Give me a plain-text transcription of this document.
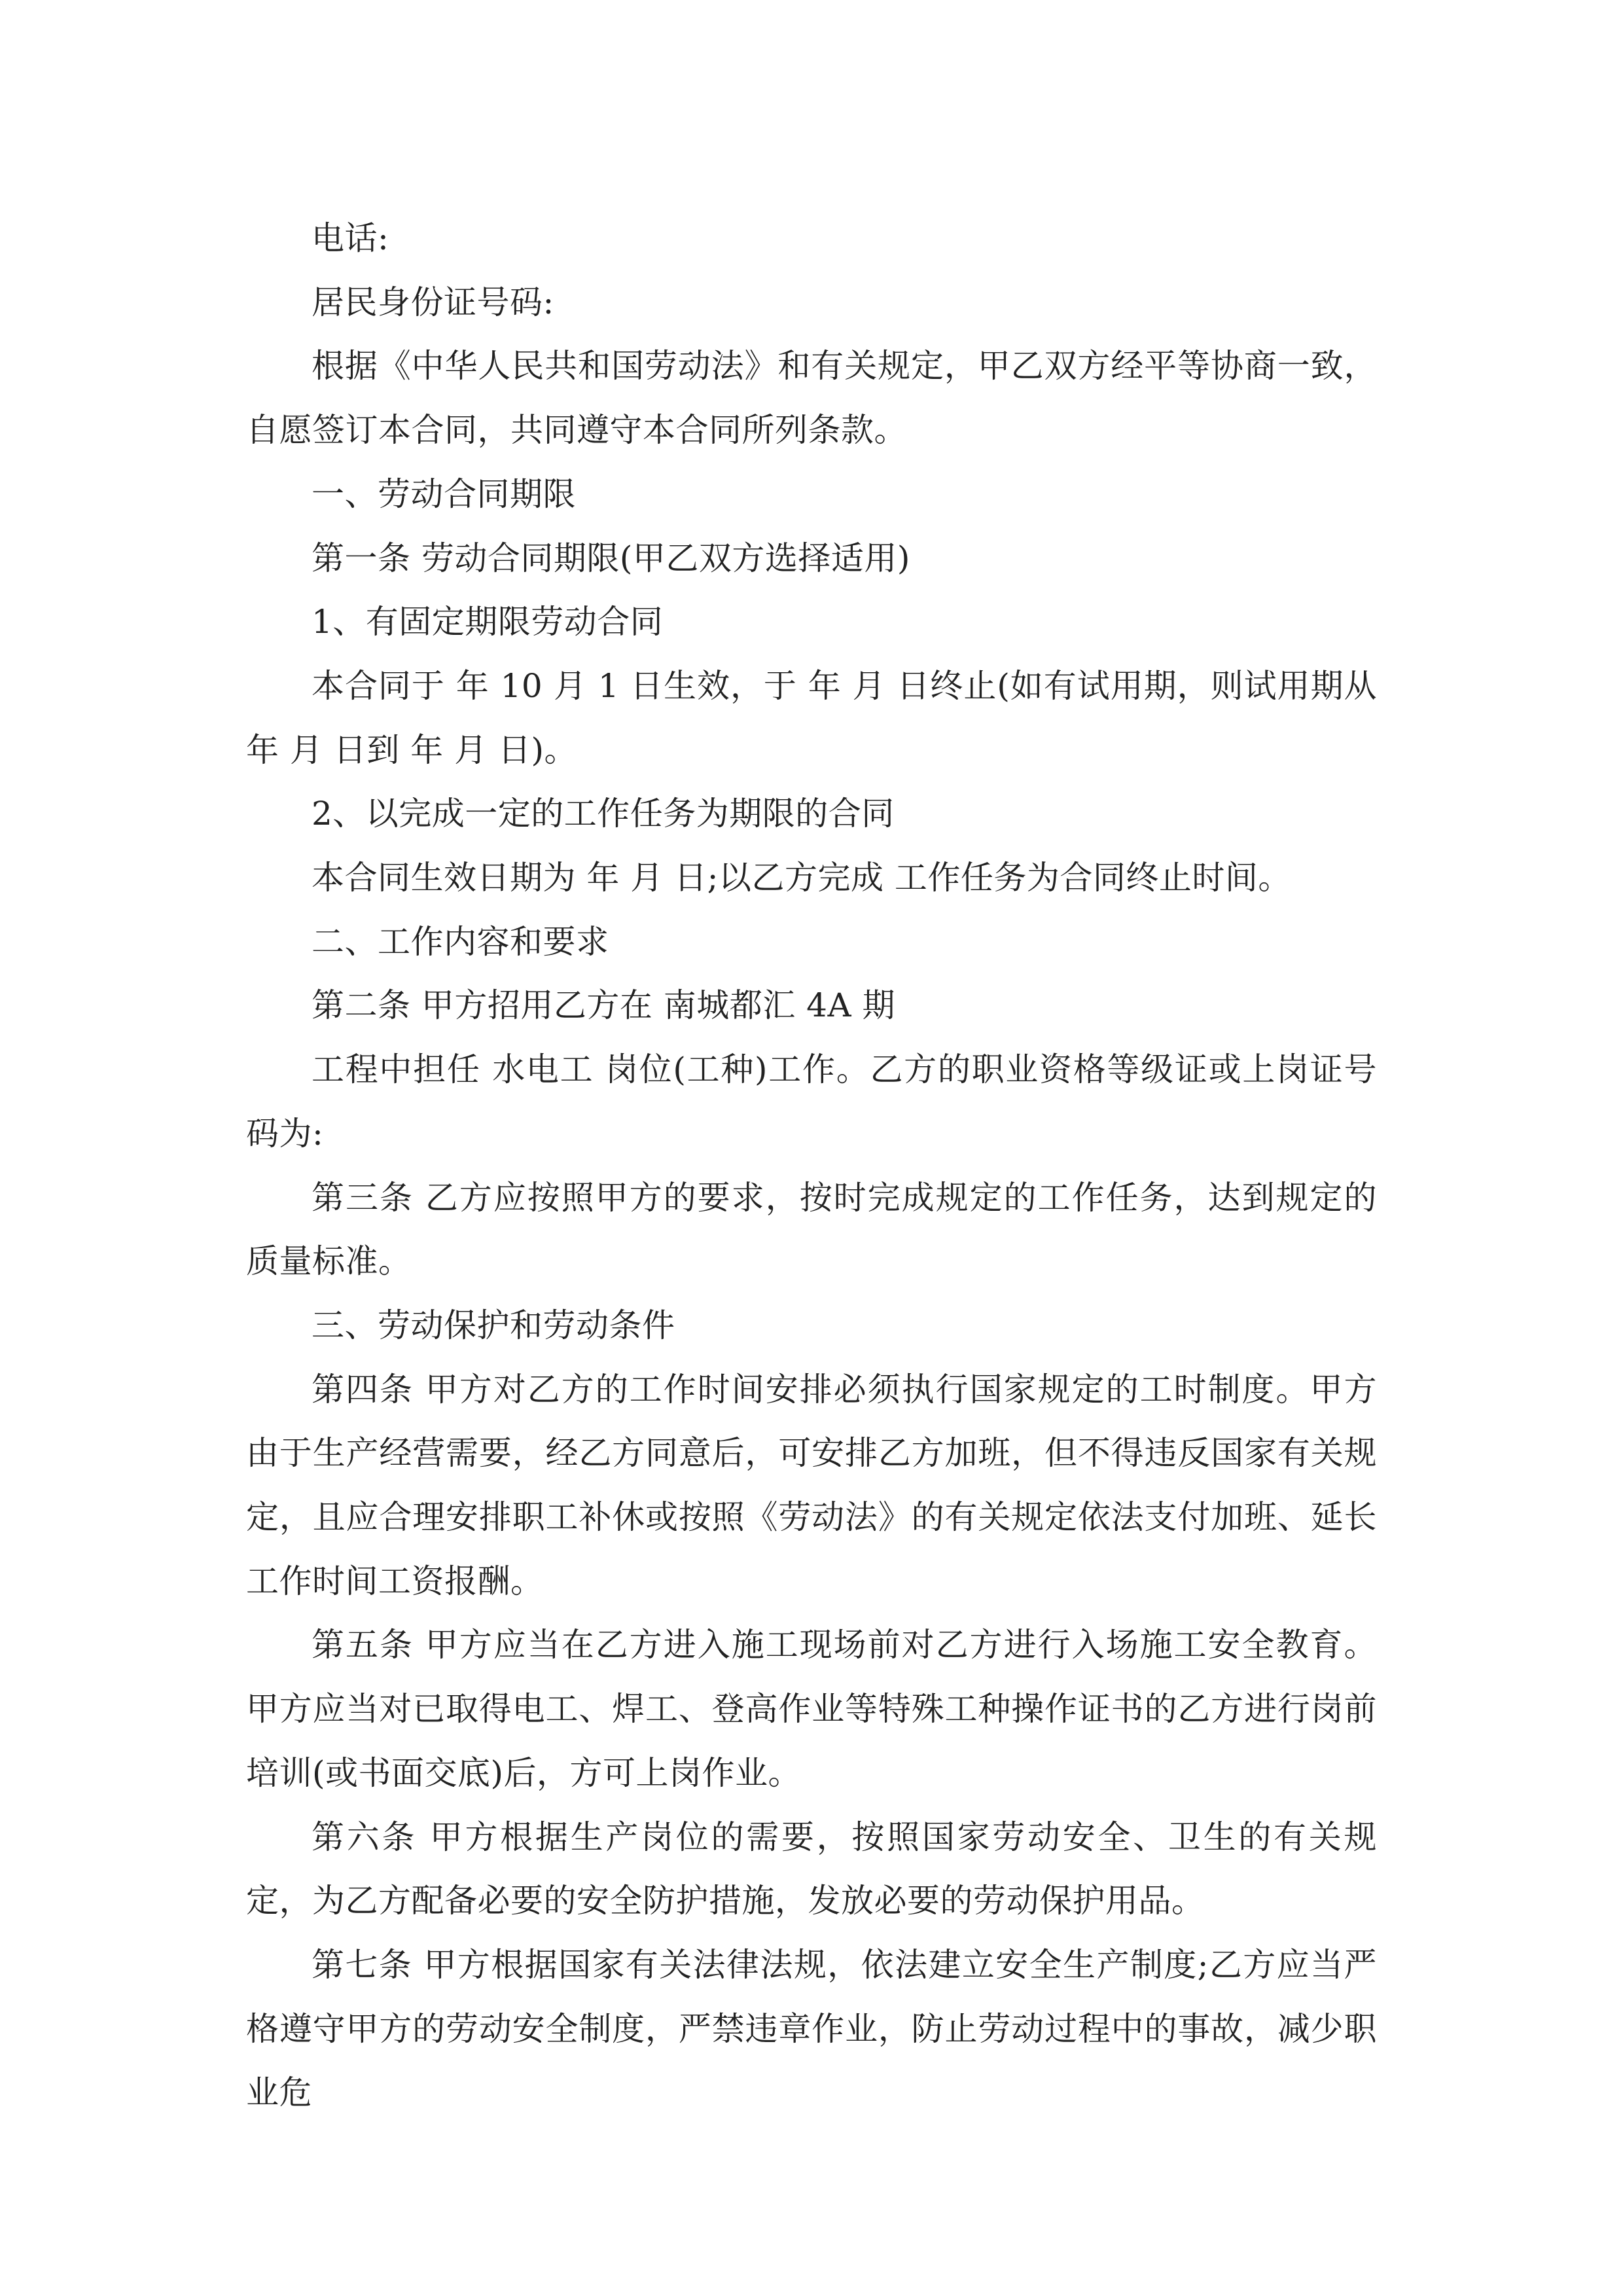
电话:

居民身份证号码:

根据《中华人民共和国劳动法》和有关规定，甲乙双方经平等协商一致，自愿签订本合同，共同遵守本合同所列条款。

一、劳动合同期限

第一条 劳动合同期限(甲乙双方选择适用)

1、有固定期限劳动合同

本合同于 年 10 月 1 日生效，于 年 月 日终止(如有试用期，则试用期从 年 月 日到 年 月 日)。

2、以完成一定的工作任务为期限的合同

本合同生效日期为 年 月 日;以乙方完成 工作任务为合同终止时间。

二、工作内容和要求

第二条 甲方招用乙方在 南城都汇 4A 期

工程中担任 水电工 岗位(工种)工作。乙方的职业资格等级证或上岗证号码为:

第三条 乙方应按照甲方的要求，按时完成规定的工作任务，达到规定的质量标准。

三、劳动保护和劳动条件

第四条 甲方对乙方的工作时间安排必须执行国家规定的工时制度。甲方由于生产经营需要，经乙方同意后，可安排乙方加班，但不得违反国家有关规定，且应合理安排职工补休或按照《劳动法》的有关规定依法支付加班、延长工作时间工资报酬。

第五条 甲方应当在乙方进入施工现场前对乙方进行入场施工安全教育。甲方应当对已取得电工、焊工、登高作业等特殊工种操作证书的乙方进行岗前培训(或书面交底)后，方可上岗作业。

第六条 甲方根据生产岗位的需要，按照国家劳动安全、卫生的有关规定，为乙方配备必要的安全防护措施，发放必要的劳动保护用品。

第七条 甲方根据国家有关法律法规，依法建立安全生产制度;乙方应当严格遵守甲方的劳动安全制度，严禁违章作业，防止劳动过程中的事故，减少职业危
